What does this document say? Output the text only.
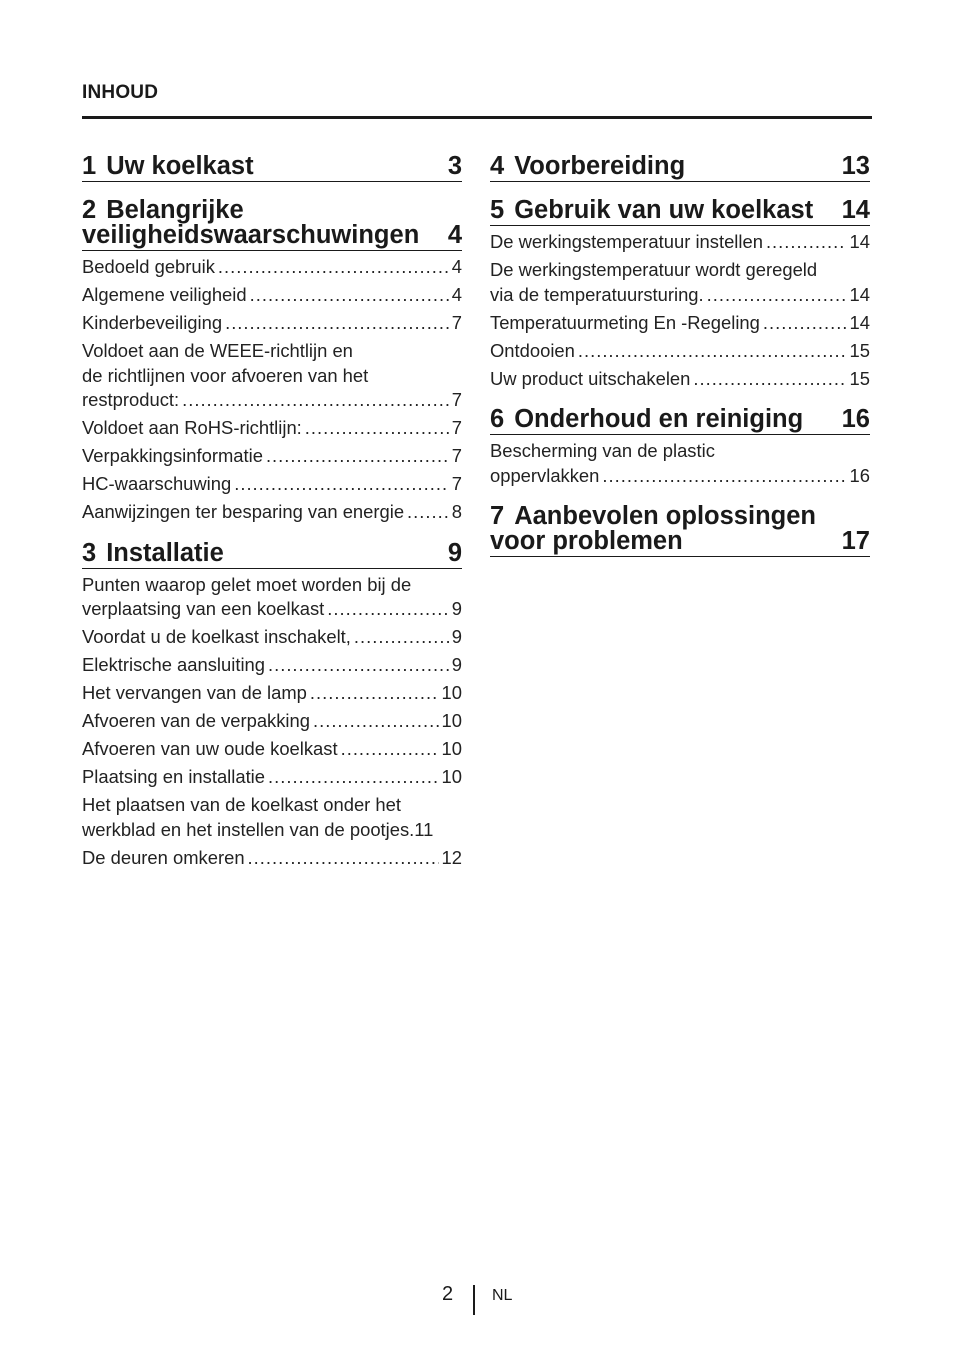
INHOUD
1 Uw koelkast	3
2 Belangrijke
veiligheidswaarschuwingen	4
Bedoeld gebruik .....	4
Algemene veiligheid .....	4
Kinderbeveiliging .....	7
Voldoet aan de WEEE-richtlijn en
de richtlijnen voor afvoeren van het
restproduct: .....	7
Voldoet aan RoHS-richtlijn: .....	7
Verpakkingsinformatie .....	7
HC-waarschuwing .....	7
Aanwijzingen ter besparing van energie .....	8
3 Installatie	9
Punten waarop gelet moet worden bij de
verplaatsing van een koelkast .....	9
Voordat u de koelkast inschakelt, .....	9
Elektrische aansluiting .....	9
Het vervangen van de lamp .....	10
Afvoeren van de verpakking .....	10
Afvoeren van uw oude koelkast .....	10
Plaatsing en installatie .....	10
Het plaatsen van de koelkast onder het
werkblad en het instellen van de pootjes. 11
De deuren omkeren .....	12
4 Voorbereiding	13
5 Gebruik van uw koelkast	14
De werkingstemperatuur instellen .....	14
De werkingstemperatuur wordt geregeld
via de temperatuursturing. .....	14
Temperatuurmeting En -Regeling .....	14
Ontdooien .....	15
Uw product uitschakelen .....	15
6 Onderhoud en reiniging	16
Bescherming van de plastic
oppervlakken .....	16
7 Aanbevolen oplossingen
voor problemen	17
2 NL
